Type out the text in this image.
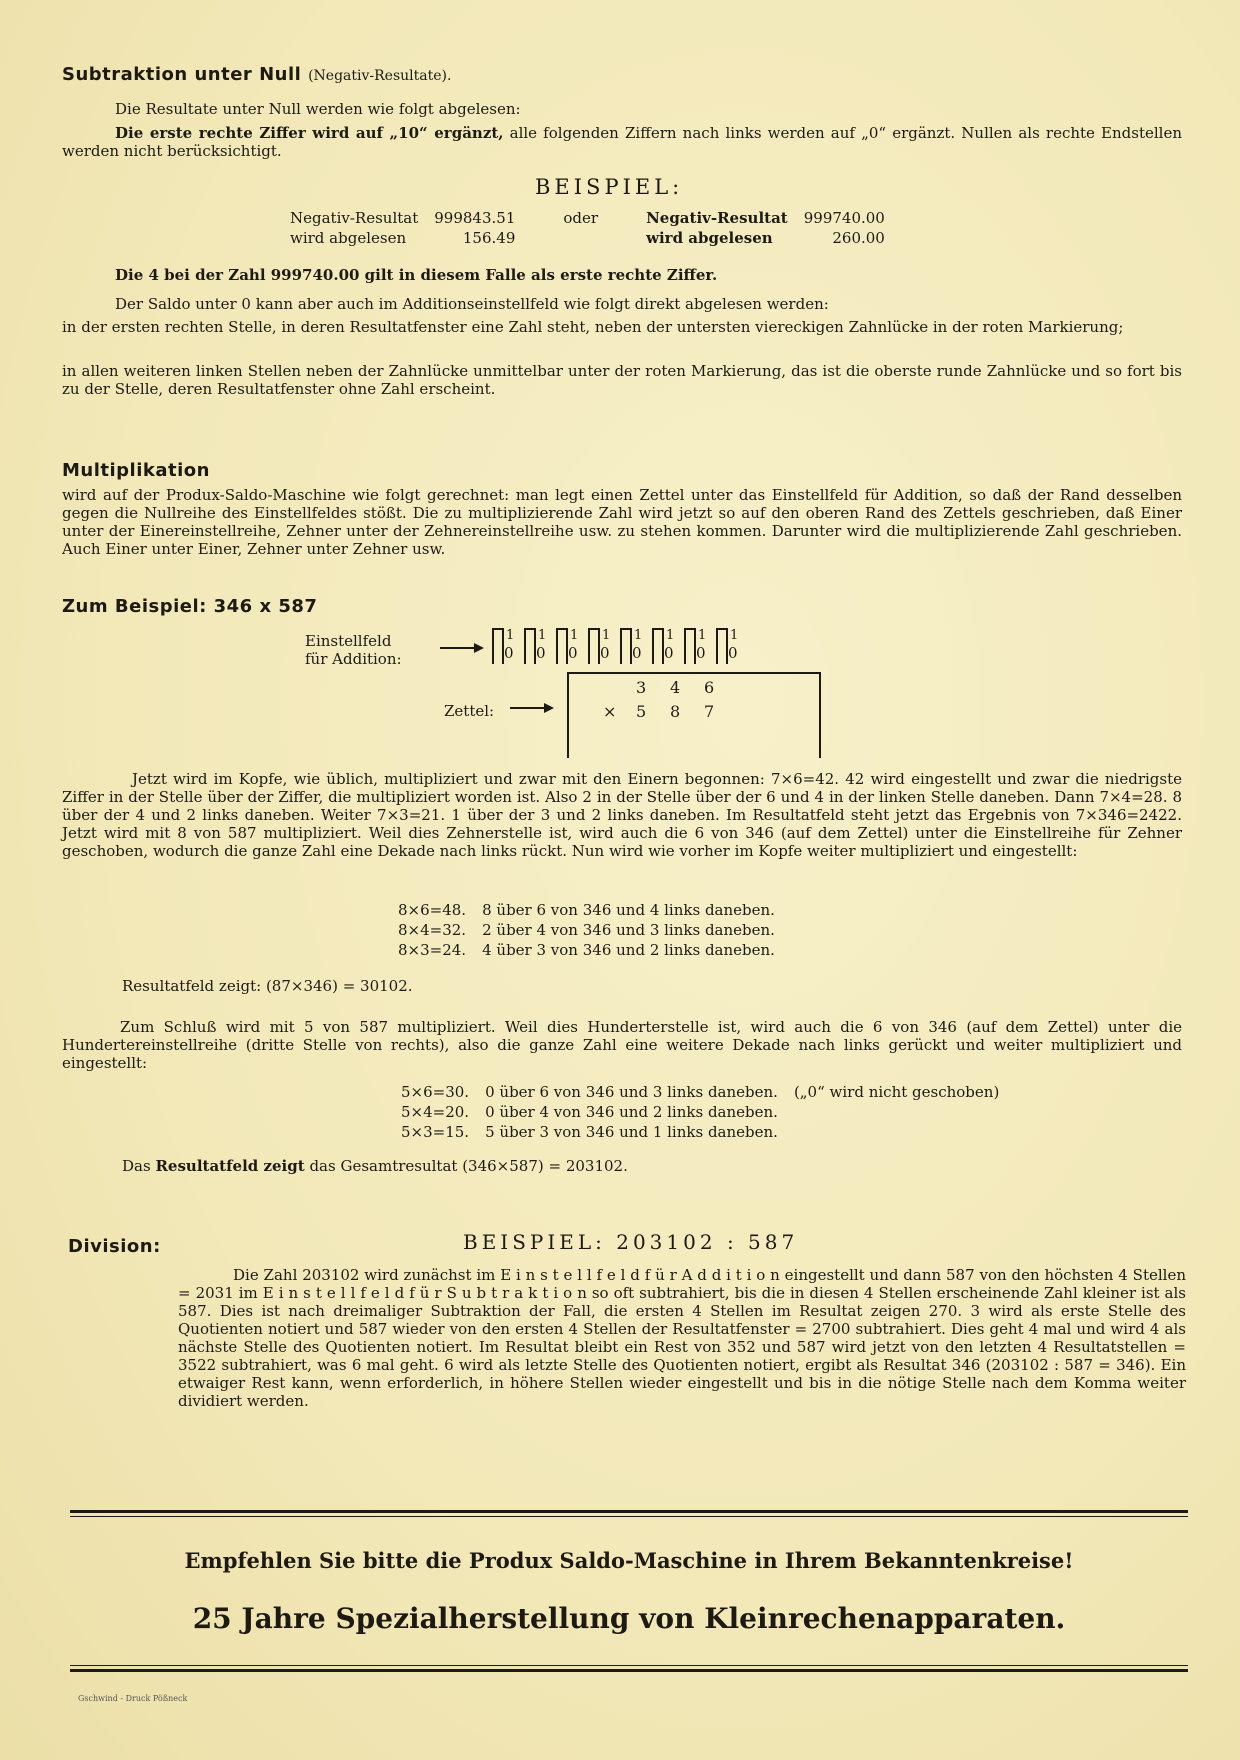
Subtraktion unter Null (Negativ-Resultate).

Die Resultate unter Null werden wie folgt abgelesen:

Die erste rechte Ziffer wird auf „10“ ergänzt, alle folgenden Ziffern nach links werden auf „0“ ergänzt. Nullen als rechte Endstellen werden nicht berücksichtigt.

BEISPIEL:
Negativ-Resultat	999843.51	oder	Negativ-Resultat	999740.00
wird abgelesen	156.49		wird abgelesen	260.00

Die 4 bei der Zahl 999740.00 gilt in diesem Falle als erste rechte Ziffer.

Der Saldo unter 0 kann aber auch im Additionseinstellfeld wie folgt direkt abgelesen werden:

in der ersten rechten Stelle, in deren Resultatfenster eine Zahl steht, neben der untersten viereckigen Zahnlücke in der roten Markierung;

in allen weiteren linken Stellen neben der Zahnlücke unmittelbar unter der roten Markierung, das ist die oberste runde Zahnlücke und so fort bis zu der Stelle, deren Resultatfenster ohne Zahl erscheint.

Multiplikation

wird auf der Produx-Saldo-Maschine wie folgt gerechnet: man legt einen Zettel unter das Einstellfeld für Addition, so daß der Rand desselben gegen die Nullreihe des Einstellfeldes stößt. Die zu multiplizierende Zahl wird jetzt so auf den oberen Rand des Zettels geschrieben, daß Einer unter der Einereinstellreihe, Zehner unter der Zehnereinstellreihe usw. zu stehen kommen. Darunter wird die multiplizierende Zahl geschrieben. Auch Einer unter Einer, Zehner unter Zehner usw.

Zum Beispiel: 346 x 587
Einstellfeld
für Addition:
1
0
1
0
1
0
1
0
1
0
1
0
1
0
1
0
Zettel:
3 4 6
× 5 8 7

Jetzt wird im Kopfe, wie üblich, multipliziert und zwar mit den Einern begonnen: 7×6=42. 42 wird eingestellt und zwar die niedrigste Ziffer in der Stelle über der Ziffer, die multipliziert worden ist. Also 2 in der Stelle über der 6 und 4 in der linken Stelle daneben. Dann 7×4=28. 8 über der 4 und 2 links daneben. Weiter 7×3=21. 1 über der 3 und 2 links daneben. Im Resultatfeld steht jetzt das Ergebnis von 7×346=2422. Jetzt wird mit 8 von 587 multipliziert. Weil dies Zehnerstelle ist, wird auch die 6 von 346 (auf dem Zettel) unter die Einstellreihe für Zehner geschoben, wodurch die ganze Zahl eine Dekade nach links rückt. Nun wird wie vorher im Kopfe weiter multipliziert und eingestellt:

8×6=48.	8 über 6 von 346 und 4 links daneben.
8×4=32.	2 über 4 von 346 und 3 links daneben.
8×3=24.	4 über 3 von 346 und 2 links daneben.
Resultatfeld zeigt: (87×346) = 30102.

Zum Schluß wird mit 5 von 587 multipliziert. Weil dies Hunderterstelle ist, wird auch die 6 von 346 (auf dem Zettel) unter die Hundertereinstellreihe (dritte Stelle von rechts), also die ganze Zahl eine weitere Dekade nach links gerückt und weiter multipliziert und eingestellt:

5×6=30.	0 über 6 von 346 und 3 links daneben.	(„0“ wird nicht geschoben)
5×4=20.	0 über 4 von 346 und 2 links daneben.	
5×3=15.	5 über 3 von 346 und 1 links daneben.	
Das Resultatfeld zeigt das Gesamtresultat (346×587) = 203102.
Division:	BEISPIEL: 203102 : 587

Die Zahl 203102 wird zunächst im E i n s t e l l f e l d f ü r A d d i t i o n eingestellt und dann 587 von den höchsten 4 Stellen = 2031 im E i n s t e l l f e l d f ü r S u b t r a k t i o n so oft subtrahiert, bis die in diesen 4 Stellen erscheinende Zahl kleiner ist als 587. Dies ist nach dreimaliger Subtraktion der Fall, die ersten 4 Stellen im Resultat zeigen 270. 3 wird als erste Stelle des Quotienten notiert und 587 wieder von den ersten 4 Stellen der Resultatfenster = 2700 subtrahiert. Dies geht 4 mal und wird 4 als nächste Stelle des Quotienten notiert. Im Resultat bleibt ein Rest von 352 und 587 wird jetzt von den letzten 4 Resultatstellen = 3522 subtrahiert, was 6 mal geht. 6 wird als letzte Stelle des Quotienten notiert, ergibt als Resultat 346 (203102 : 587 = 346). Ein etwaiger Rest kann, wenn erforderlich, in höhere Stellen wieder eingestellt und bis in die nötige Stelle nach dem Komma weiter dividiert werden.

Empfehlen Sie bitte die Produx Saldo-Maschine in Ihrem Bekanntenkreise!
25 Jahre Spezialherstellung von Kleinrechenapparaten.
Gschwind - Druck Pößneck
